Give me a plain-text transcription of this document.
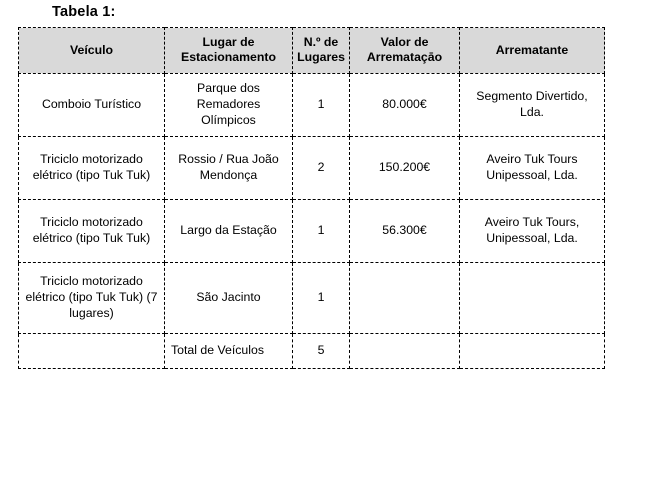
Tabela 1:
Veículo	Lugar de Estacionamento	N.º de Lugares	Valor de Arremataçāo	Arrematante
Comboio Turístico	Parque dos Remadores Olímpicos	1	80.000€	Segmento Divertido, Lda.
Triciclo motorizado elétrico (tipo Tuk Tuk)	Rossio / Rua João Mendonça	2	150.200€	Aveiro Tuk Tours Unipessoal, Lda.
Triciclo motorizado elétrico (tipo Tuk Tuk)	Largo da Estação	1	56.300€	Aveiro Tuk Tours, Unipessoal, Lda.
Triciclo motorizado elétrico (tipo Tuk Tuk) (7 lugares)	São Jacinto	1		
	Total de Veículos	5		
